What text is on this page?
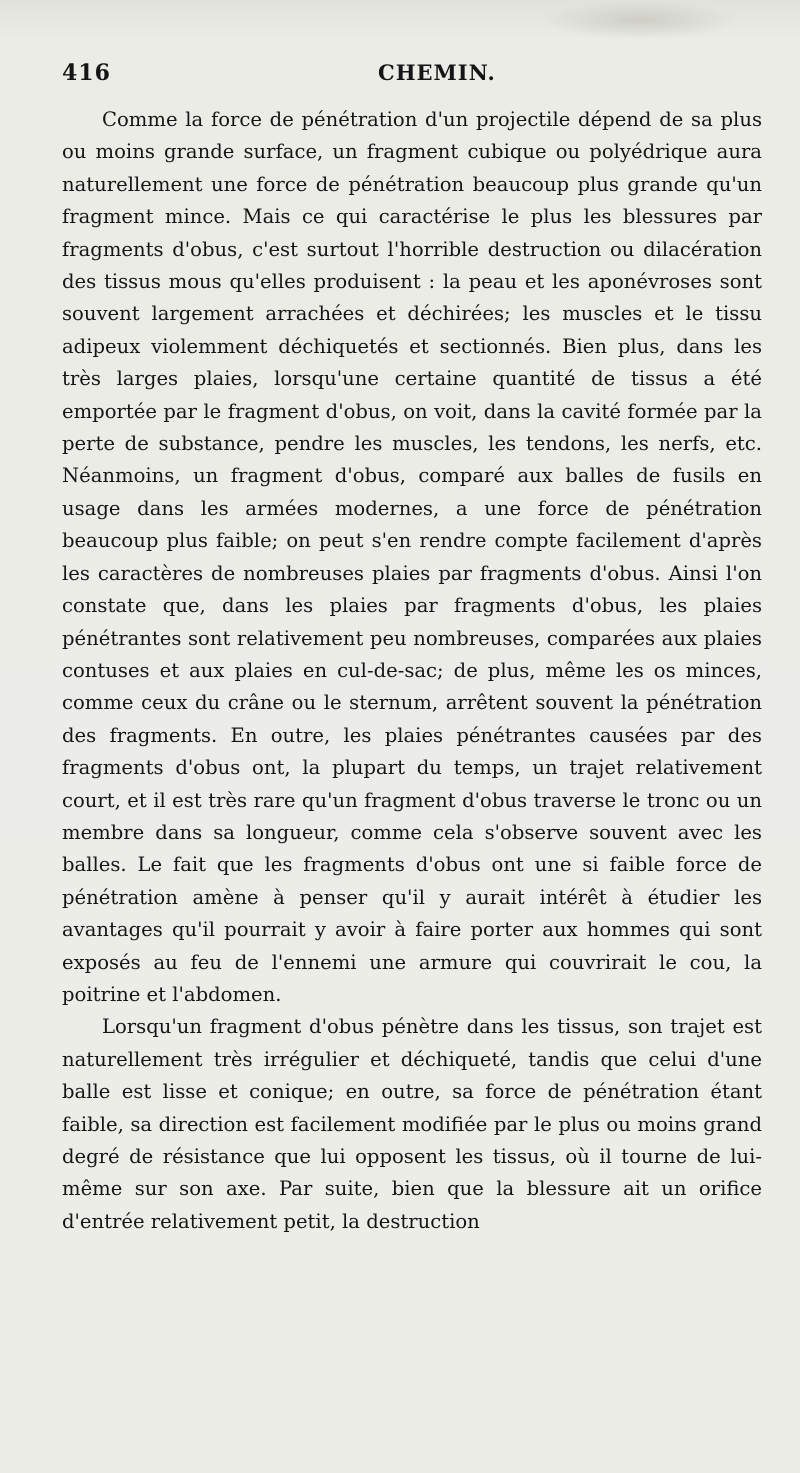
416	CHEMIN.

Comme la force de pénétration d'un projectile dépend de sa plus ou moins grande surface, un fragment cubique ou polyédrique aura naturellement une force de pénétration beaucoup plus grande qu'un fragment mince. Mais ce qui caractérise le plus les blessures par fragments d'obus, c'est surtout l'horrible destruction ou dilacération des tissus mous qu'elles produisent : la peau et les aponévroses sont souvent largement arrachées et déchirées; les muscles et le tissu adipeux violemment déchiquetés et sectionnés. Bien plus, dans les très larges plaies, lorsqu'une certaine quantité de tissus a été emportée par le fragment d'obus, on voit, dans la cavité formée par la perte de substance, pendre les muscles, les tendons, les nerfs, etc. Néanmoins, un fragment d'obus, comparé aux balles de fusils en usage dans les armées modernes, a une force de pénétration beaucoup plus faible; on peut s'en rendre compte facilement d'après les caractères de nombreuses plaies par fragments d'obus. Ainsi l'on constate que, dans les plaies par fragments d'obus, les plaies pénétrantes sont relativement peu nombreuses, comparées aux plaies contuses et aux plaies en cul-de-sac; de plus, même les os minces, comme ceux du crâne ou le sternum, arrêtent souvent la pénétration des fragments. En outre, les plaies pénétrantes causées par des fragments d'obus ont, la plupart du temps, un trajet relativement court, et il est très rare qu'un fragment d'obus traverse le tronc ou un membre dans sa longueur, comme cela s'observe souvent avec les balles. Le fait que les fragments d'obus ont une si faible force de pénétration amène à penser qu'il y aurait intérêt à étudier les avantages qu'il pourrait y avoir à faire porter aux hommes qui sont exposés au feu de l'ennemi une armure qui couvrirait le cou, la poitrine et l'abdomen.

Lorsqu'un fragment d'obus pénètre dans les tissus, son trajet est naturellement très irrégulier et déchiqueté, tandis que celui d'une balle est lisse et conique; en outre, sa force de pénétration étant faible, sa direction est facilement modifiée par le plus ou moins grand degré de résistance que lui opposent les tissus, où il tourne de lui-même sur son axe. Par suite, bien que la blessure ait un orifice d'entrée relativement petit, la destruction
